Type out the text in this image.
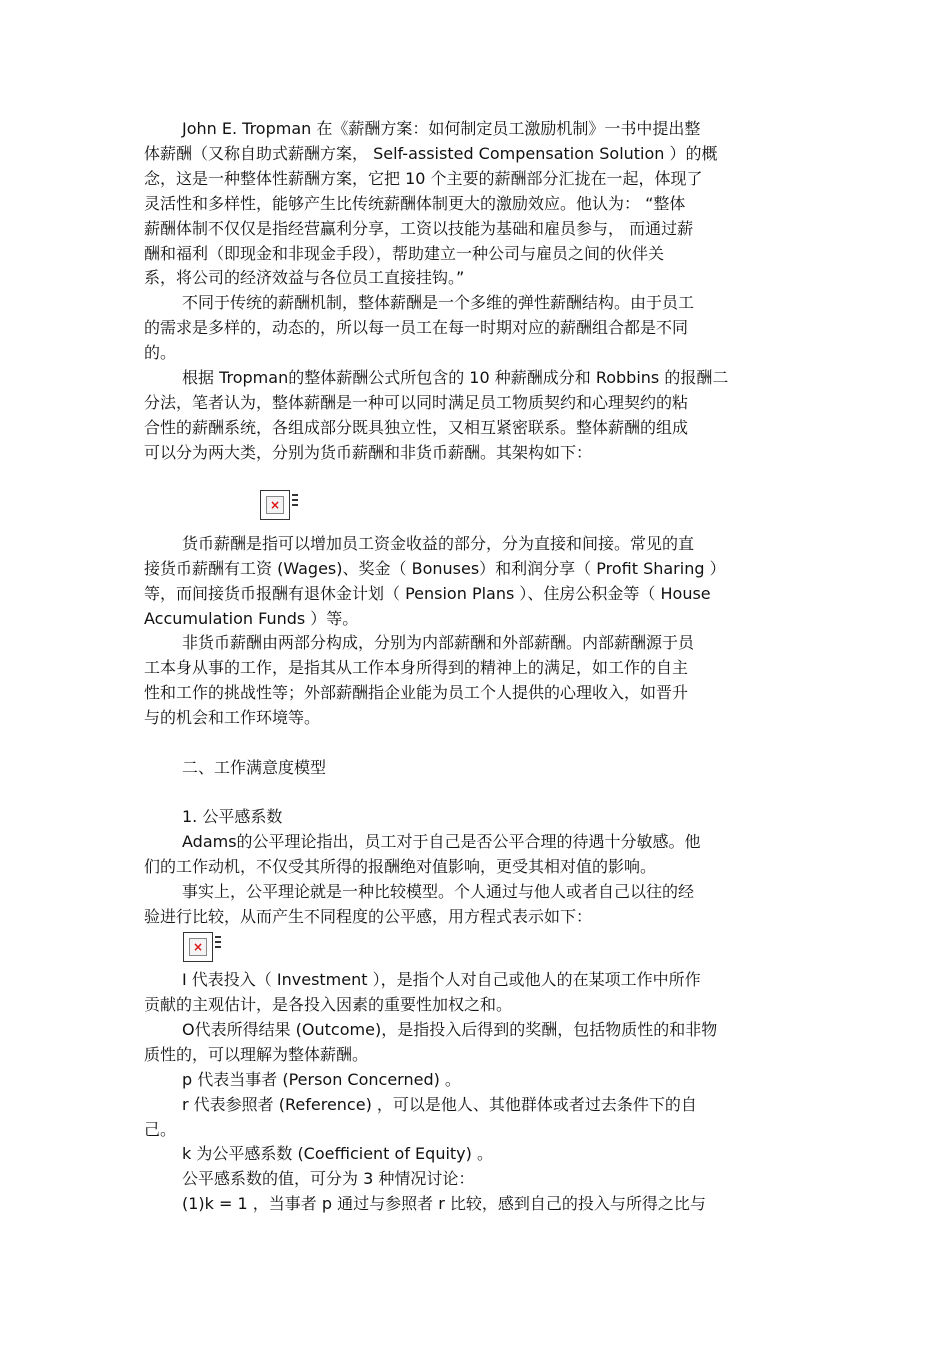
John E. Tropman 在《薪酬方案：如何制定员工激励机制》一书中提出整

体薪酬（又称自助式薪酬方案， Self-assisted Compensation Solution ）的概

念，这是一种整体性薪酬方案，它把 10 个主要的薪酬部分汇拢在一起，体现了

灵活性和多样性，能够产生比传统薪酬体制更大的激励效应。他认为： “整体

薪酬体制不仅仅是指经营赢利分享，工资以技能为基础和雇员参与， 而通过薪

酬和福利（即现金和非现金手段），帮助建立一种公司与雇员之间的伙伴关

系，将公司的经济效益与各位员工直接挂钩。”

不同于传统的薪酬机制，整体薪酬是一个多维的弹性薪酬结构。由于员工

的需求是多样的，动态的，所以每一员工在每一时期对应的薪酬组合都是不同

的。

根据 Tropman的整体薪酬公式所包含的 10 种薪酬成分和 Robbins 的报酬二

分法，笔者认为，整体薪酬是一种可以同时满足员工物质契约和心理契约的粘

合性的薪酬系统，各组成部分既具独立性，又相互紧密联系。整体薪酬的组成

可以分为两大类，分别为货币薪酬和非货币薪酬。其架构如下：

×

货币薪酬是指可以增加员工资金收益的部分，分为直接和间接。常见的直

接货币薪酬有工资 (Wages)、奖金（ Bonuses）和利润分享（ Profit Sharing ）

等，而间接货币报酬有退休金计划（ Pension Plans ）、住房公积金等（ House

Accumulation Funds ）等。

非货币薪酬由两部分构成，分别为内部薪酬和外部薪酬。内部薪酬源于员

工本身从事的工作，是指其从工作本身所得到的精神上的满足，如工作的自主

性和工作的挑战性等；外部薪酬指企业能为员工个人提供的心理收入，如晋升

与的机会和工作环境等。

二、工作满意度模型

1. 公平感系数

Adams的公平理论指出，员工对于自己是否公平合理的待遇十分敏感。他

们的工作动机，不仅受其所得的报酬绝对值影响，更受其相对值的影响。

事实上，公平理论就是一种比较模型。个人通过与他人或者自己以往的经

验进行比较，从而产生不同程度的公平感，用方程式表示如下：

×

I 代表投入（ Investment ），是指个人对自己或他人的在某项工作中所作

贡献的主观估计，是各投入因素的重要性加权之和。

O代表所得结果 (Outcome)，是指投入后得到的奖酬，包括物质性的和非物

质性的，可以理解为整体薪酬。

p 代表当事者 (Person Concerned) 。

r 代表参照者 (Reference) ，可以是他人、其他群体或者过去条件下的自

己。

k 为公平感系数 (Coefficient of Equity) 。

公平感系数的值，可分为 3 种情况讨论：

(1)k = 1 ，当事者 p 通过与参照者 r 比较，感到自己的投入与所得之比与
